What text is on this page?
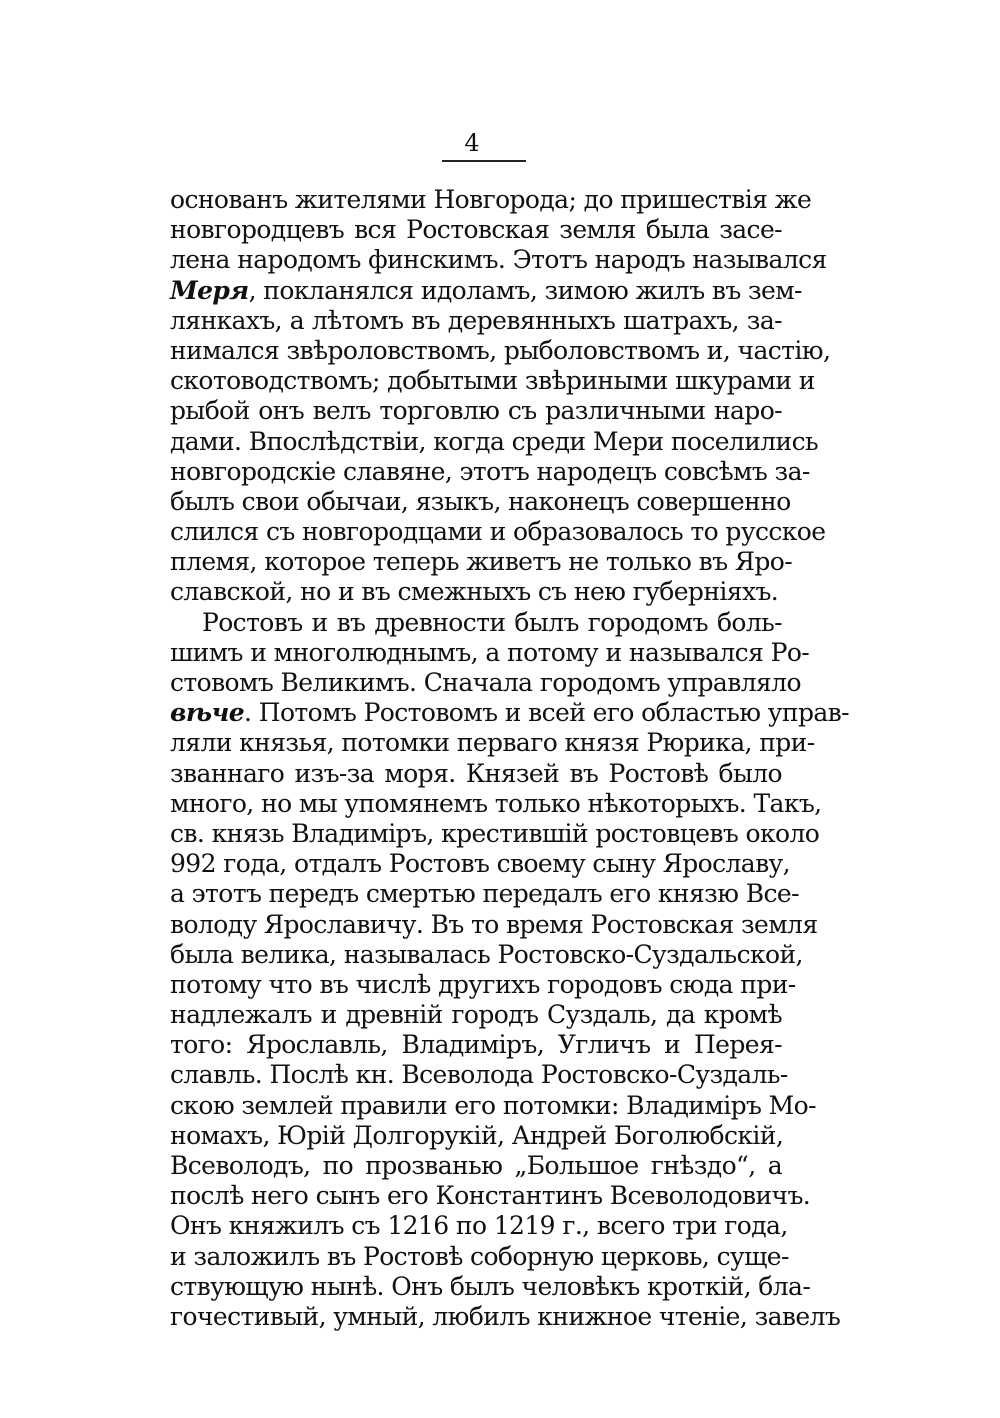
4
основанъ жителями Новгорода; до пришествія же
новгородцевъ вся Ростовская земля была засе-
лена народомъ финскимъ. Этотъ народъ назывался
Меря, покланялся идоламъ, зимою жилъ въ зем-
лянкахъ, а лѣтомъ въ деревянныхъ шатрахъ, за-
нимался звѣроловствомъ, рыболовствомъ и, частію,
скотоводствомъ; добытыми звѣриными шкурами и
рыбой онъ велъ торговлю съ различными наро-
дами. Впослѣдствіи, когда среди Мери поселились
новгородскіе славяне, этотъ народецъ совсѣмъ за-
былъ свои обычаи, языкъ, наконецъ совершенно
слился съ новгородцами и образовалось то русское
племя, которое теперь живетъ не только въ Яро-
славской, но и въ смежныхъ съ нею губерніяхъ.
Ростовъ и въ древности былъ городомъ боль-
шимъ и многолюднымъ, а потому и назывался Ро-
стовомъ Великимъ. Сначала городомъ управляло
вѣче. Потомъ Ростовомъ и всей его областью управ-
ляли князья, потомки перваго князя Рюрика, при-
званнаго изъ-за моря. Князей въ Ростовѣ было
много, но мы упомянемъ только нѣкоторыхъ. Такъ,
св. князь Владиміръ, крестившій ростовцевъ около
992 года, отдалъ Ростовъ своему сыну Ярославу,
а этотъ передъ смертью передалъ его князю Все-
володу Ярославичу. Въ то время Ростовская земля
была велика, называлась Ростовско-Суздальской,
потому что въ числѣ другихъ городовъ сюда при-
надлежалъ и древній городъ Суздаль, да кромѣ
того: Ярославль, Владиміръ, Угличъ и Перея-
славль. Послѣ кн. Всеволода Ростовско-Суздаль-
скою землей правили его потомки: Владиміръ Мо-
номахъ, Юрій Долгорукій, Андрей Боголюбскій,
Всеволодъ, по прозванью „Большое гнѣздо“, а
послѣ него сынъ его Константинъ Всеволодовичъ.
Онъ княжилъ съ 1216 по 1219 г., всего три года,
и заложилъ въ Ростовѣ соборную церковь, суще-
ствующую нынѣ. Онъ былъ человѣкъ кроткій, бла-
гочестивый, умный, любилъ книжное чтеніе, завелъ
